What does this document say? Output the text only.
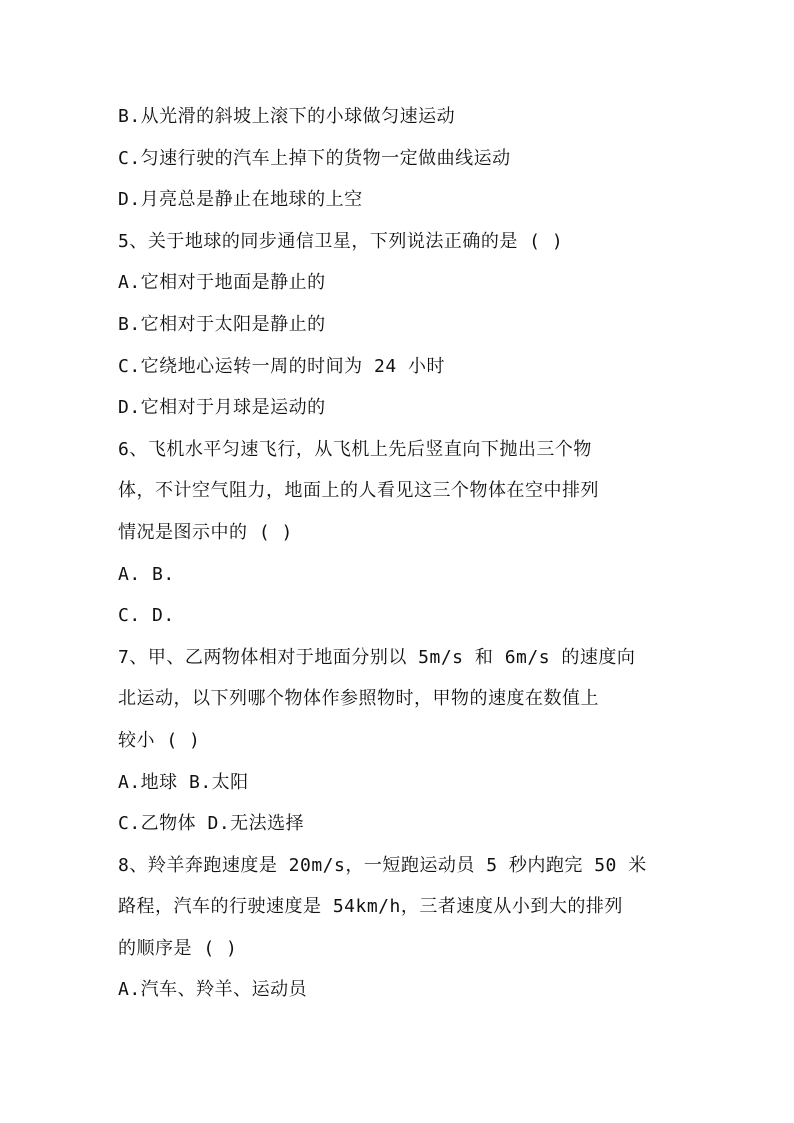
B.从光滑的斜坡上滚下的小球做匀速运动
C.匀速行驶的汽车上掉下的货物一定做曲线运动
D.月亮总是静止在地球的上空
5、关于地球的同步通信卫星，下列说法正确的是 ( )
A.它相对于地面是静止的
B.它相对于太阳是静止的
C.它绕地心运转一周的时间为 24 小时
D.它相对于月球是运动的
6、飞机水平匀速飞行，从飞机上先后竖直向下抛出三个物
体，不计空气阻力，地面上的人看见这三个物体在空中排列
情况是图示中的 ( )
A. B.
C. D.
7、甲、乙两物体相对于地面分别以 5m/s 和 6m/s 的速度向
北运动，以下列哪个物体作参照物时，甲物的速度在数值上
较小 ( )
A.地球 B.太阳
C.乙物体 D.无法选择
8、羚羊奔跑速度是 20m/s，一短跑运动员 5 秒内跑完 50 米
路程，汽车的行驶速度是 54km/h，三者速度从小到大的排列
的顺序是 ( )
A.汽车、羚羊、运动员
